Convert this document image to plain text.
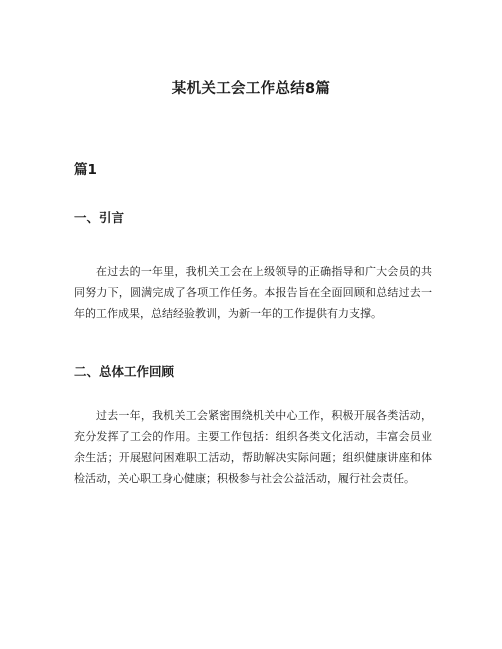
某机关工会工作总结8篇
篇1
一、引言

在过去的一年里，我机关工会在上级领导的正确指导和广大会员的共同努力下，圆满完成了各项工作任务。本报告旨在全面回顾和总结过去一年的工作成果，总结经验教训，为新一年的工作提供有力支撑。

二、总体工作回顾

过去一年，我机关工会紧密围绕机关中心工作，积极开展各类活动，充分发挥了工会的作用。主要工作包括：组织各类文化活动，丰富会员业余生活；开展慰问困难职工活动，帮助解决实际问题；组织健康讲座和体检活动，关心职工身心健康；积极参与社会公益活动，履行社会责任。
